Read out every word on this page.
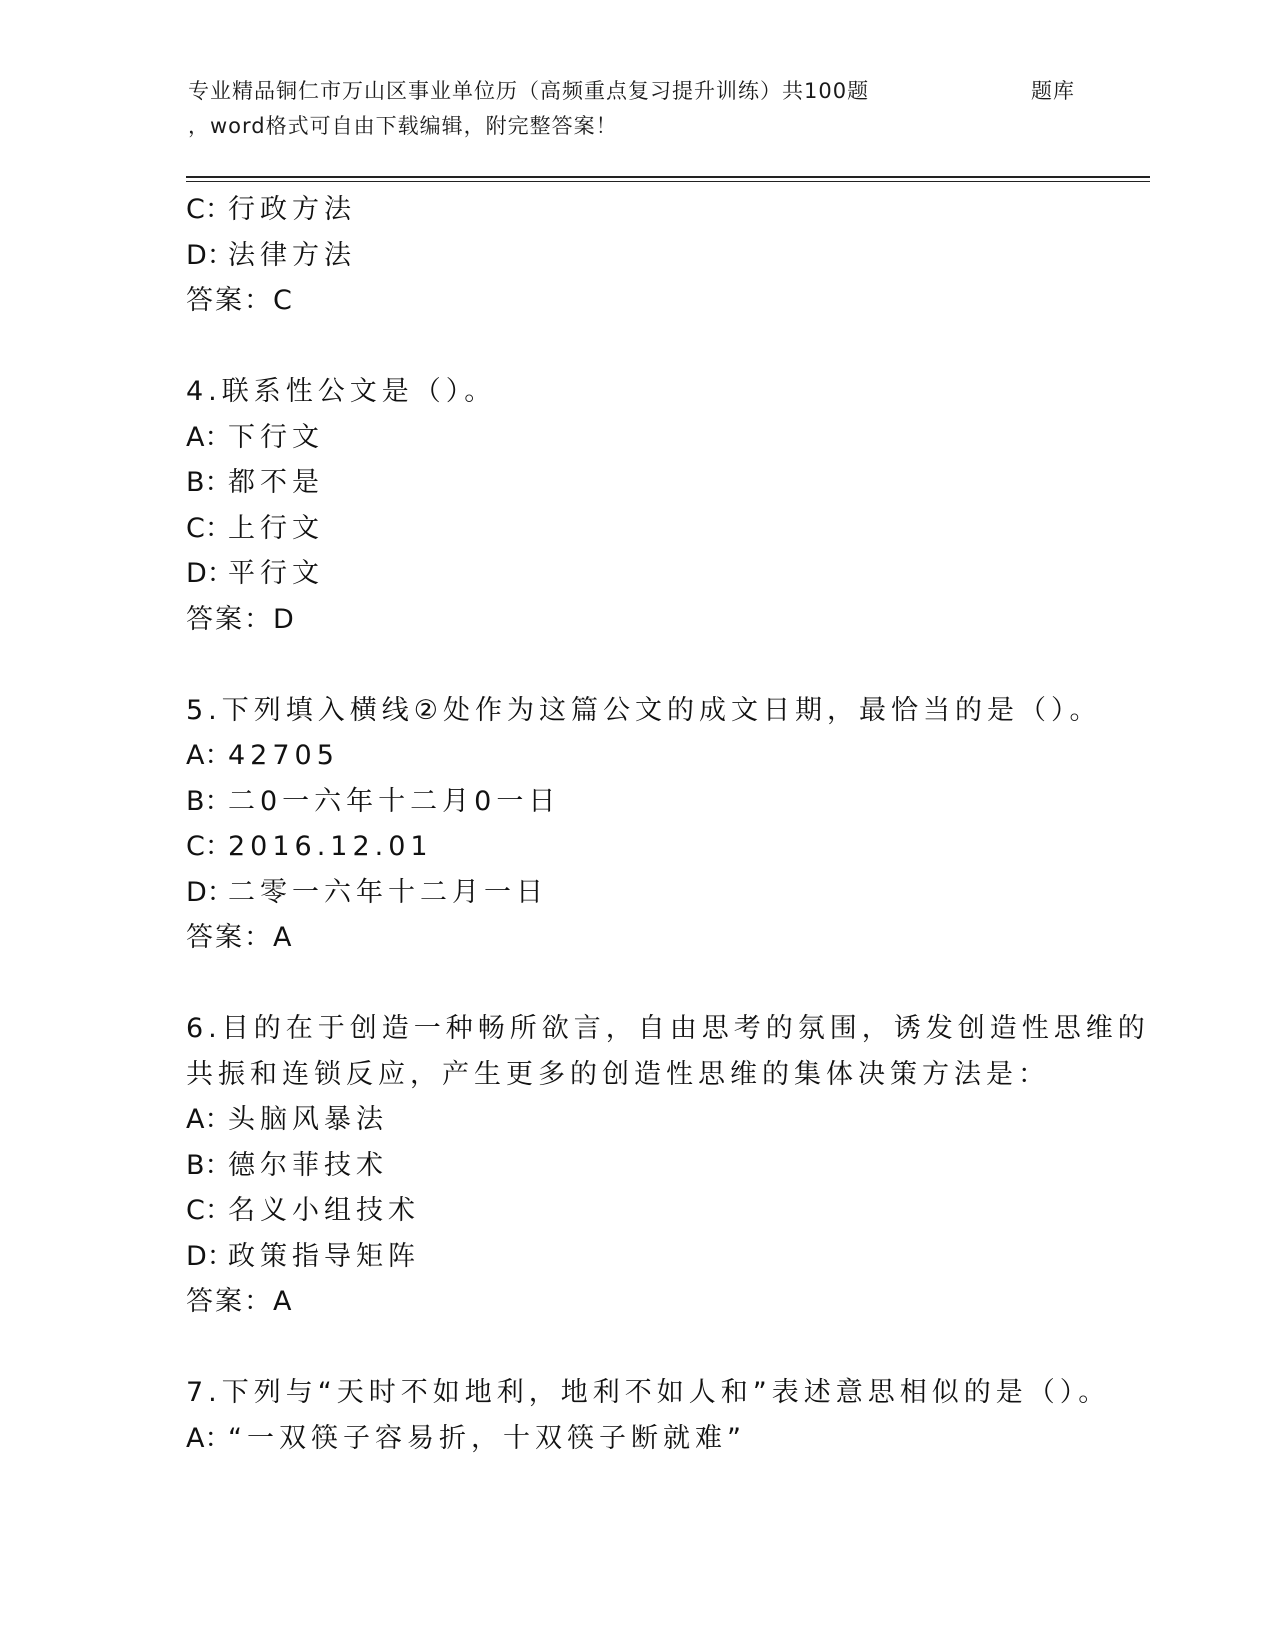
专业精品铜仁市万山区事业单位历（高频重点复习提升训练）共100题	题库
，word格式可自由下载编辑，附完整答案！
C：行政方法
D：法律方法
答案：C
4.联系性公文是（）。
A：下行文
B：都不是
C：上行文
D：平行文
答案：D
5.下列填入横线②处作为这篇公文的成文日期，最恰当的是（）。
A：42705
B：二0一六年十二月0一日
C：2016.12.01
D：二零一六年十二月一日
答案：A
6.目的在于创造一种畅所欲言，自由思考的氛围，诱发创造性思维的
共振和连锁反应，产生更多的创造性思维的集体决策方法是：
A：头脑风暴法
B：德尔菲技术
C：名义小组技术
D：政策指导矩阵
答案：A
7.下列与“天时不如地利，地利不如人和”表述意思相似的是（）。
A：“一双筷子容易折，十双筷子断就难”
